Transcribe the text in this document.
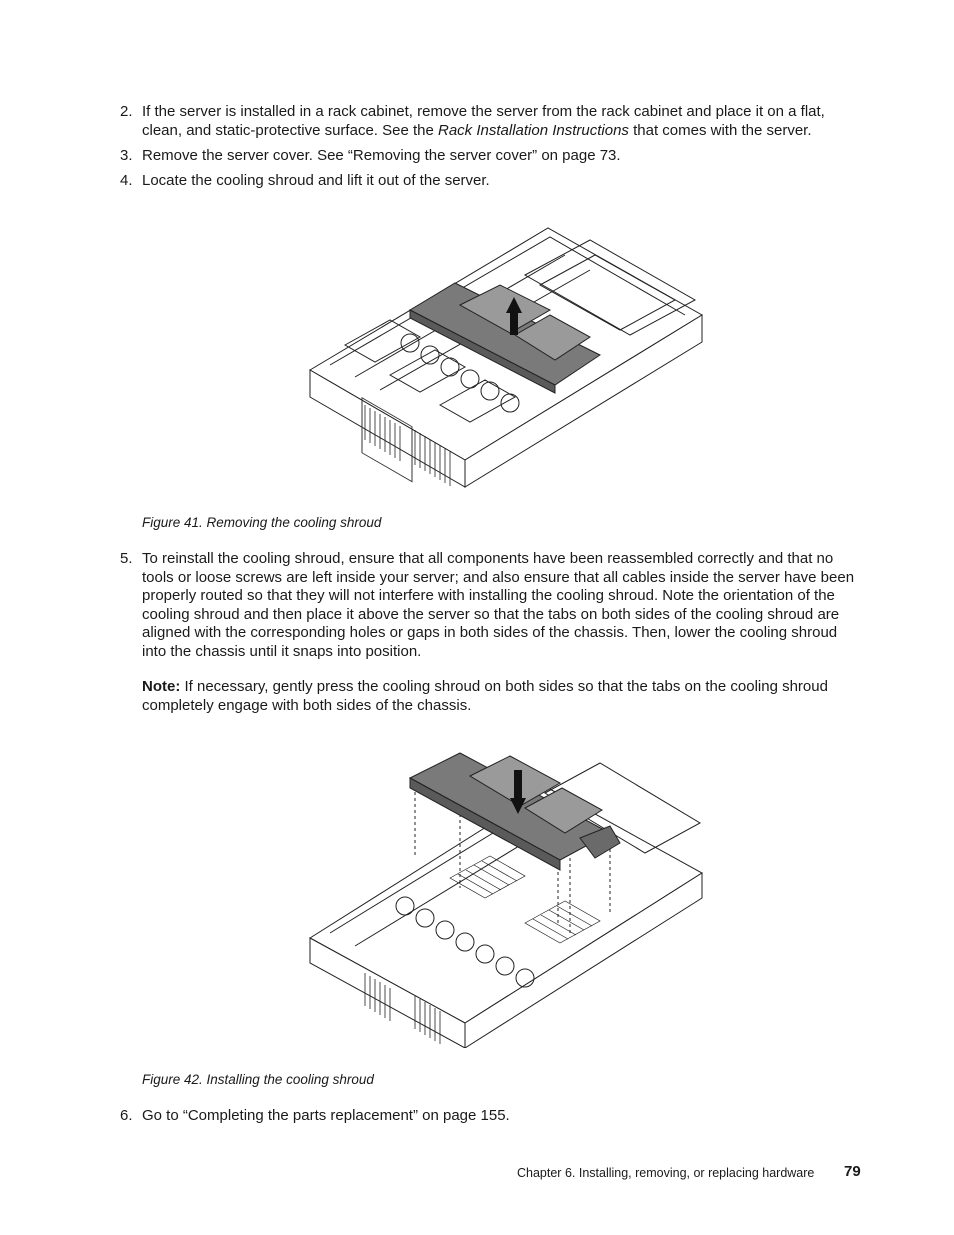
2. If the server is installed in a rack cabinet, remove the server from the rack cabinet and place it on a flat, clean, and static-protective surface. See the Rack Installation Instructions that comes with the server.
3. Remove the server cover. See “Removing the server cover” on page 73.
4. Locate the cooling shroud and lift it out of the server.
Figure 41. Removing the cooling shroud
5. To reinstall the cooling shroud, ensure that all components have been reassembled correctly and that no tools or loose screws are left inside your server; and also ensure that all cables inside the server have been properly routed so that they will not interfere with installing the cooling shroud. Note the orientation of the cooling shroud and then place it above the server so that the tabs on both sides of the cooling shroud are aligned with the corresponding holes or gaps in both sides of the chassis. Then, lower the cooling shroud into the chassis until it snaps into position.
Note: If necessary, gently press the cooling shroud on both sides so that the tabs on the cooling shroud completely engage with both sides of the chassis.
Figure 42. Installing the cooling shroud
6. Go to “Completing the parts replacement” on page 155.
Chapter 6. Installing, removing, or replacing hardware 79
